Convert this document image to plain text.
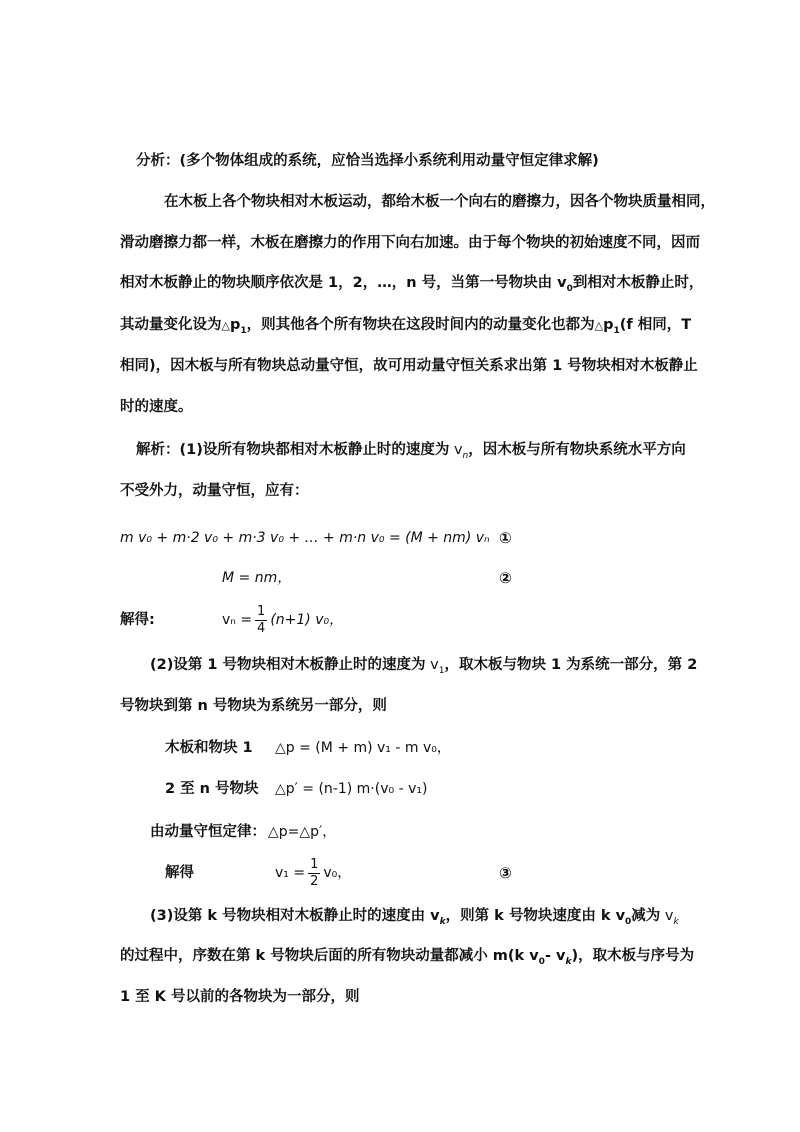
分析：(多个物体组成的系统，应恰当选择小系统利用动量守恒定律求解)
在木板上各个物块相对木板运动，都给木板一个向右的磨擦力，因各个物块质量相同，
滑动磨擦力都一样，木板在磨擦力的作用下向右加速。由于每个物块的初始速度不同，因而
相对木板静止的物块顺序依次是 1，2，…，n 号，当第一号物块由 $v_0$到相对木板静止时，
其动量变化设为$\triangle p_1$，则其他各个所有物块在这段时间内的动量变化也都为$\triangle p_1(f$ 相同，T
相同)，因木板与所有物块总动量守恒，故可用动量守恒关系求出第 1 号物块相对木板静止
时的速度。
解析：(1)设所有物块都相对木板静止时的速度为 $v_n$，因木板与所有物块系统水平方向
不受外力，动量守恒，应有：
m v₀ + m·2 v₀ + m·3 v₀ + … + m·n v₀ = (M + nm) vₙ ①
M = nm，	②
解得:	$v_n = \frac{1}{4} (n+1)$ v₀，
(2)设第 1 号物块相对木板静止时的速度为 $v_1$，取木板与物块 1 为系统一部分，第 2
号物块到第 n 号物块为系统另一部分，则
木板和物块 1 △p = (M + m) v₁ - m v₀，
2 至 n 号物块 △p′ = (n-1) m·(v₀ - v₁)
由动量守恒定律： △p=△p′，
解得	$v_1 = \frac{1}{2} v_0$，	③
(3)设第 k 号物块相对木板静止时的速度由 $v_k$，则第 k 号物块速度由 k $v_0$减为 $v_k$
的过程中，序数在第 k 号物块后面的所有物块动量都减小 m(k $v_0-$ $v_k$)，取木板与序号为
1 至 K 号以前的各物块为一部分，则
